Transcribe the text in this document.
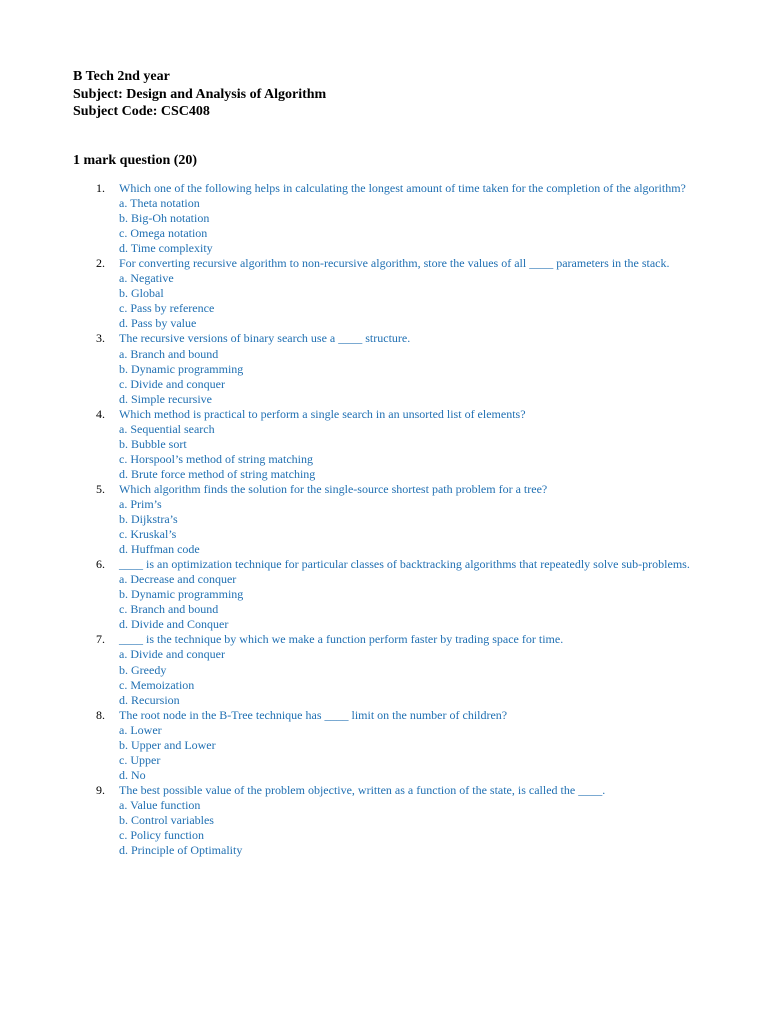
B Tech 2nd year
Subject: Design and Analysis of Algorithm
Subject Code: CSC408
1 mark question (20)
1. Which one of the following helps in calculating the longest amount of time taken for the completion of the algorithm?
a. Theta notation
b. Big-Oh notation
c. Omega notation
d. Time complexity
2. For converting recursive algorithm to non-recursive algorithm, store the values of all ____ parameters in the stack.
a. Negative
b. Global
c. Pass by reference
d. Pass by value
3. The recursive versions of binary search use a ____ structure.
a. Branch and bound
b. Dynamic programming
c. Divide and conquer
d. Simple recursive
4. Which method is practical to perform a single search in an unsorted list of elements?
a. Sequential search
b. Bubble sort
c. Horspool’s method of string matching
d. Brute force method of string matching
5. Which algorithm finds the solution for the single-source shortest path problem for a tree?
a. Prim’s
b. Dijkstra’s
c. Kruskal’s
d. Huffman code
6. ____ is an optimization technique for particular classes of backtracking algorithms that repeatedly solve sub-problems.
a. Decrease and conquer
b. Dynamic programming
c. Branch and bound
d. Divide and Conquer
7. ____ is the technique by which we make a function perform faster by trading space for time.
a. Divide and conquer
b. Greedy
c. Memoization
d. Recursion
8. The root node in the B-Tree technique has ____ limit on the number of children?
a. Lower
b. Upper and Lower
c. Upper
d. No
9. The best possible value of the problem objective, written as a function of the state, is called the ____.
a. Value function
b. Control variables
c. Policy function
d. Principle of Optimality
